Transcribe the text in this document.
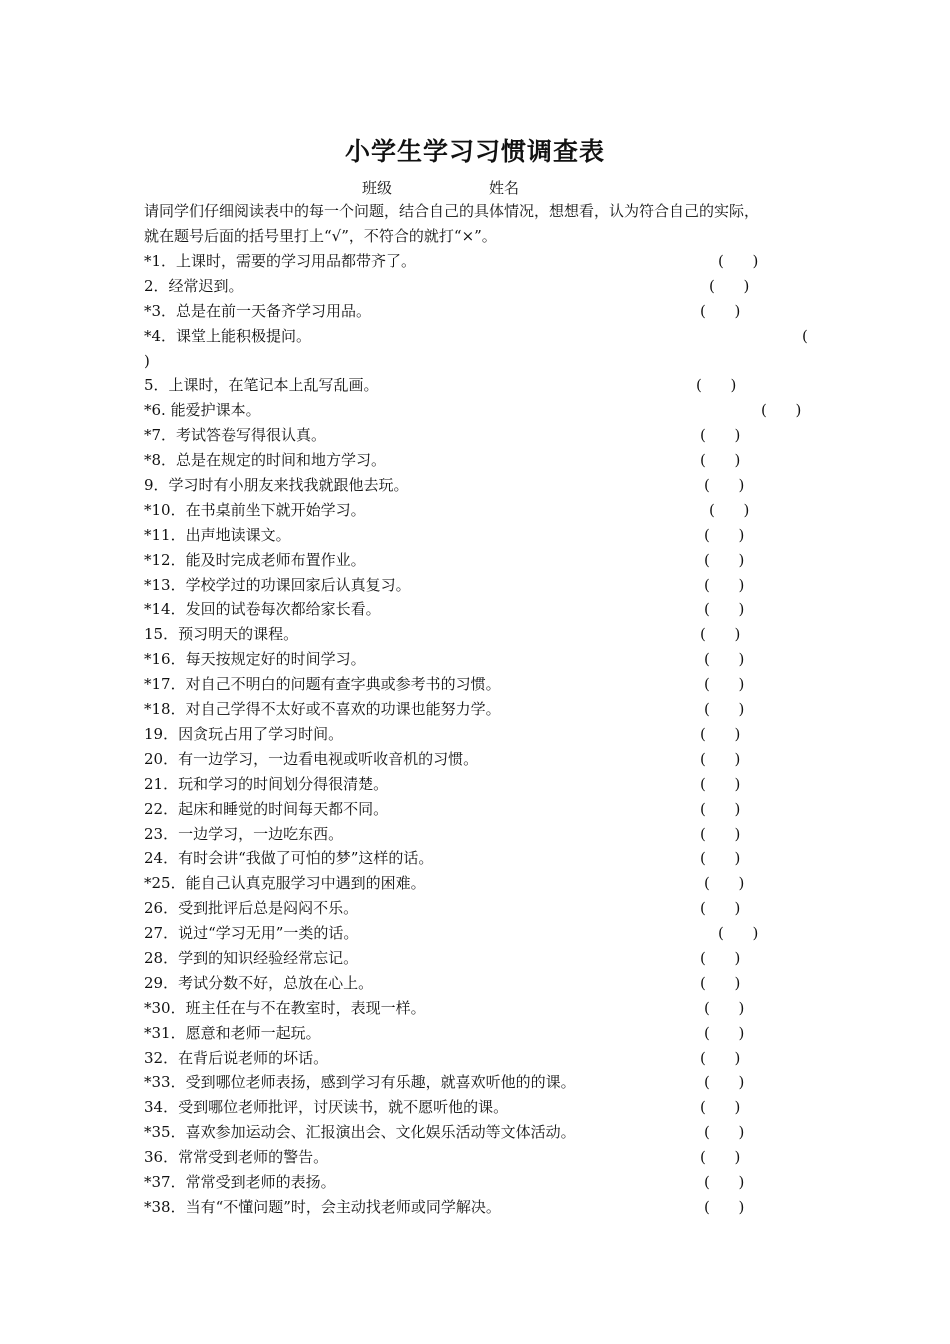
小学生学习习惯调查表
班级	姓名
请同学们仔细阅读表中的每一个问题，结合自己的具体情况，想想看，认为符合自己的实际，
就在题号后面的括号里打上“√”，不符合的就打“×”。
*1．上课时，需要的学习用品都带齐了。	(      )
2．经常迟到。	(      )
*3．总是在前一天备齐学习用品。	(      )
*4．课堂上能积极提问。	(
)
5．上课时，在笔记本上乱写乱画。	(      )
*6. 能爱护课本。	(      )
*7．考试答卷写得很认真。	(      )
*8．总是在规定的时间和地方学习。	(      )
9．学习时有小朋友来找我就跟他去玩。	(      )
*10．在书桌前坐下就开始学习。	(      )
*11．出声地读课文。	(      )
*12．能及时完成老师布置作业。	(      )
*13．学校学过的功课回家后认真复习。	(      )
*14．发回的试卷每次都给家长看。	(      )
15．预习明天的课程。	(      )
*16．每天按规定好的时间学习。	(      )
*17．对自己不明白的问题有查字典或参考书的习惯。	(      )
*18．对自己学得不太好或不喜欢的功课也能努力学。	(      )
19．因贪玩占用了学习时间。	(      )
20．有一边学习，一边看电视或听收音机的习惯。	(      )
21．玩和学习的时间划分得很清楚。	(      )
22．起床和睡觉的时间每天都不同。	(      )
23．一边学习，一边吃东西。	(      )
24．有时会讲“我做了可怕的梦”这样的话。	(      )
*25．能自己认真克服学习中遇到的困难。	(      )
26．受到批评后总是闷闷不乐。	(      )
27．说过“学习无用”一类的话。	(      )
28．学到的知识经验经常忘记。	(      )
29．考试分数不好，总放在心上。	(      )
*30．班主任在与不在教室时，表现一样。	(      )
*31．愿意和老师一起玩。	(      )
32．在背后说老师的坏话。	(      )
*33．受到哪位老师表扬，感到学习有乐趣，就喜欢听他的的课。	(      )
34．受到哪位老师批评，讨厌读书，就不愿听他的课。	(      )
*35．喜欢参加运动会、汇报演出会、文化娱乐活动等文体活动。	(      )
36．常常受到老师的警告。	(      )
*37．常常受到老师的表扬。	(      )
*38．当有“不懂问题”时，会主动找老师或同学解决。	(      )
